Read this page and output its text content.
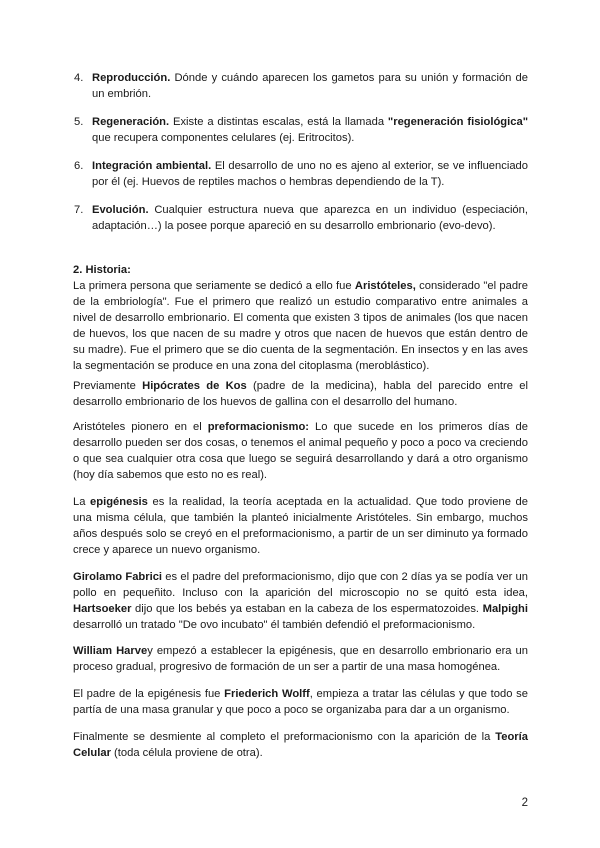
4. Reproducción. Dónde y cuándo aparecen los gametos para su unión y formación de un embrión.
5. Regeneración. Existe a distintas escalas, está la llamada "regeneración fisiológica" que recupera componentes celulares (ej. Eritrocitos).
6. Integración ambiental. El desarrollo de uno no es ajeno al exterior, se ve influenciado por él (ej. Huevos de reptiles machos o hembras dependiendo de la T).
7. Evolución. Cualquier estructura nueva que aparezca en un individuo (especiación, adaptación…) la posee porque apareció en su desarrollo embrionario (evo-devo).
2. Historia:
La primera persona que seriamente se dedicó a ello fue Aristóteles, considerado "el padre de la embriología". Fue el primero que realizó un estudio comparativo entre animales a nivel de desarrollo embrionario. El comenta que existen 3 tipos de animales (los que nacen de huevos, los que nacen de su madre y otros que nacen de huevos que están dentro de su madre). Fue el primero que se dio cuenta de la segmentación. En insectos y en las aves la segmentación se produce en una zona del citoplasma (meroblástico).
Previamente Hipócrates de Kos (padre de la medicina), habla del parecido entre el desarrollo embrionario de los huevos de gallina con el desarrollo del humano.
Aristóteles pionero en el preformacionismo: Lo que sucede en los primeros días de desarrollo pueden ser dos cosas, o tenemos el animal pequeño y poco a poco va creciendo o que sea cualquier otra cosa que luego se seguirá desarrollando y dará a otro organismo (hoy día sabemos que esto no es real).
La epigénesis es la realidad, la teoría aceptada en la actualidad. Que todo proviene de una misma célula, que también la planteó inicialmente Aristóteles. Sin embargo, muchos años después solo se creyó en el preformacionismo, a partir de un ser diminuto ya formado crece y aparece un nuevo organismo.
Girolamo Fabrici es el padre del preformacionismo, dijo que con 2 días ya se podía ver un pollo en pequeñito. Incluso con la aparición del microscopio no se quitó esta idea, Hartsoeker dijo que los bebés ya estaban en la cabeza de los espermatozoides. Malpighi desarrolló un tratado "De ovo incubato" él también defendió el preformacionismo.
William Harvey empezó a establecer la epigénesis, que en desarrollo embrionario era un proceso gradual, progresivo de formación de un ser a partir de una masa homogénea.
El padre de la epigénesis fue Friederich Wolff, empieza a tratar las células y que todo se partía de una masa granular y que poco a poco se organizaba para dar a un organismo.
Finalmente se desmiente al completo el preformacionismo con la aparición de la Teoría Celular (toda célula proviene de otra).
2
